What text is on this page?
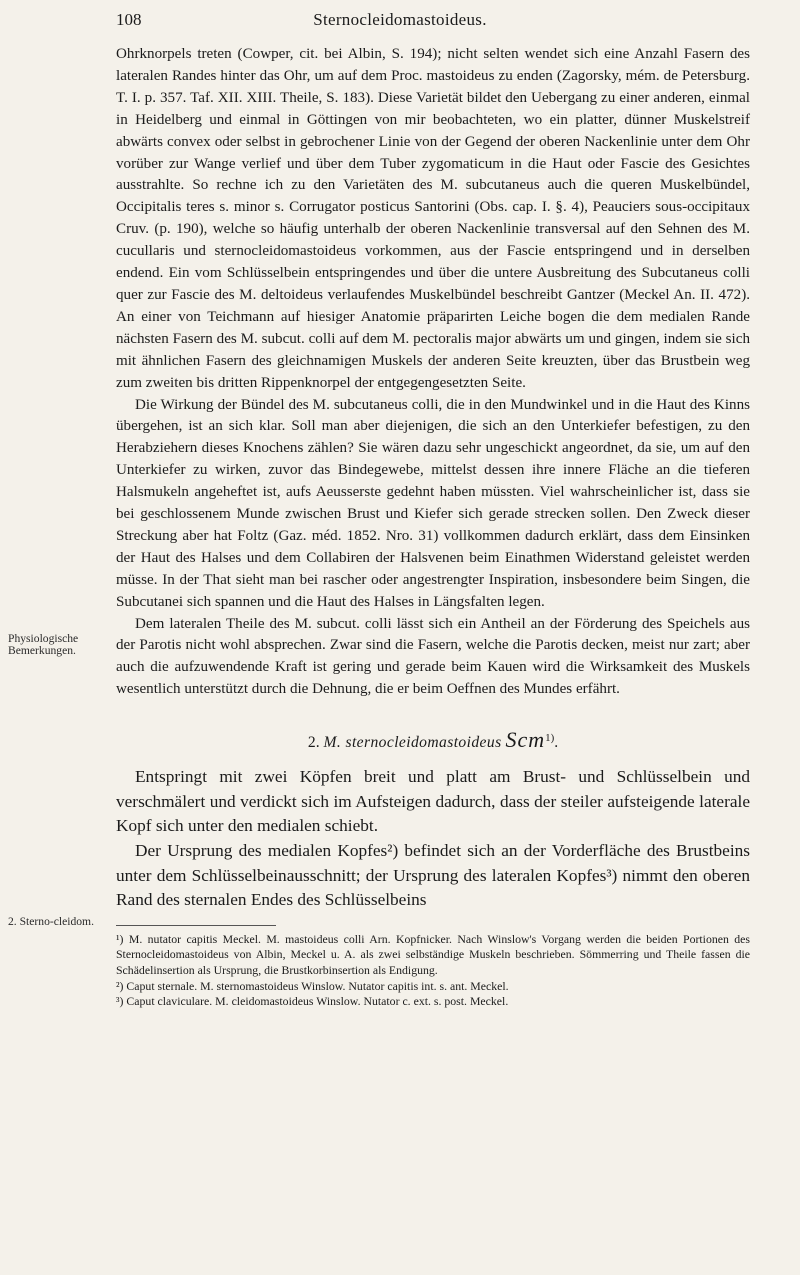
108	Sternocleidomastoideus.
Physiologische Bemerkungen.
2. Sterno-cleidom.

Ohrknorpels treten (Cowper, cit. bei Albin, S. 194); nicht selten wendet sich eine Anzahl Fasern des lateralen Randes hinter das Ohr, um auf dem Proc. mastoideus zu enden (Zagorsky, mém. de Petersburg. T. I. p. 357. Taf. XII. XIII. Theile, S. 183). Diese Varietät bildet den Uebergang zu einer anderen, einmal in Heidelberg und einmal in Göttingen von mir beobachteten, wo ein platter, dünner Muskelstreif abwärts convex oder selbst in gebrochener Linie von der Gegend der oberen Nackenlinie unter dem Ohr vorüber zur Wange verlief und über dem Tuber zygomaticum in die Haut oder Fascie des Gesichtes ausstrahlte. So rechne ich zu den Varietäten des M. subcutaneus auch die queren Muskelbündel, Occipitalis teres s. minor s. Corrugator posticus Santorini (Obs. cap. I. §. 4), Peauciers sous-occipitaux Cruv. (p. 190), welche so häufig unterhalb der oberen Nackenlinie transversal auf den Sehnen des M. cucullaris und sternocleidomastoideus vorkommen, aus der Fascie entspringend und in derselben endend. Ein vom Schlüsselbein entspringendes und über die untere Ausbreitung des Subcutaneus colli quer zur Fascie des M. deltoideus verlaufendes Muskelbündel beschreibt Gantzer (Meckel An. II. 472). An einer von Teichmann auf hiesiger Anatomie präparirten Leiche bogen die dem medialen Rande nächsten Fasern des M. subcut. colli auf dem M. pectoralis major abwärts um und gingen, indem sie sich mit ähnlichen Fasern des gleichnamigen Muskels der anderen Seite kreuzten, über das Brustbein weg zum zweiten bis dritten Rippenknorpel der entgegengesetzten Seite.

Die Wirkung der Bündel des M. subcutaneus colli, die in den Mundwinkel und in die Haut des Kinns übergehen, ist an sich klar. Soll man aber diejenigen, die sich an den Unterkiefer befestigen, zu den Herabziehern dieses Knochens zählen? Sie wären dazu sehr ungeschickt angeordnet, da sie, um auf den Unterkiefer zu wirken, zuvor das Bindegewebe, mittelst dessen ihre innere Fläche an die tieferen Halsmukeln angeheftet ist, aufs Aeusserste gedehnt haben müssten. Viel wahrscheinlicher ist, dass sie bei geschlossenem Munde zwischen Brust und Kiefer sich gerade strecken sollen. Den Zweck dieser Streckung aber hat Foltz (Gaz. méd. 1852. Nro. 31) vollkommen dadurch erklärt, dass dem Einsinken der Haut des Halses und dem Collabiren der Halsvenen beim Einathmen Widerstand geleistet werden müsse. In der That sieht man bei rascher oder angestrengter Inspiration, insbesondere beim Singen, die Subcutanei sich spannen und die Haut des Halses in Längsfalten legen.

Dem lateralen Theile des M. subcut. colli lässt sich ein Antheil an der Förderung des Speichels aus der Parotis nicht wohl absprechen. Zwar sind die Fasern, welche die Parotis decken, meist nur zart; aber auch die aufzuwendende Kraft ist gering und gerade beim Kauen wird die Wirksamkeit des Muskels wesentlich unterstützt durch die Dehnung, die er beim Oeffnen des Mundes erfährt.

2. M. sternocleidomastoideus Scm$^{1)}$.

Entspringt mit zwei Köpfen breit und platt am Brust- und Schlüsselbein und verschmälert und verdickt sich im Aufsteigen dadurch, dass der steiler aufsteigende laterale Kopf sich unter den medialen schiebt.

Der Ursprung des medialen Kopfes²) befindet sich an der Vorderfläche des Brustbeins unter dem Schlüsselbeinausschnitt; der Ursprung des lateralen Kopfes³) nimmt den oberen Rand des sternalen Endes des Schlüsselbeins

¹) M. nutator capitis Meckel. M. mastoideus colli Arn. Kopfnicker. Nach Winslow's Vorgang werden die beiden Portionen des Sternocleidomastoideus von Albin, Meckel u. A. als zwei selbständige Muskeln beschrieben. Sömmerring und Theile fassen die Schädelinsertion als Ursprung, die Brustkorbinsertion als Endigung.

²) Caput sternale. M. sternomastoideus Winslow. Nutator capitis int. s. ant. Meckel.

³) Caput claviculare. M. cleidomastoideus Winslow. Nutator c. ext. s. post. Meckel.
